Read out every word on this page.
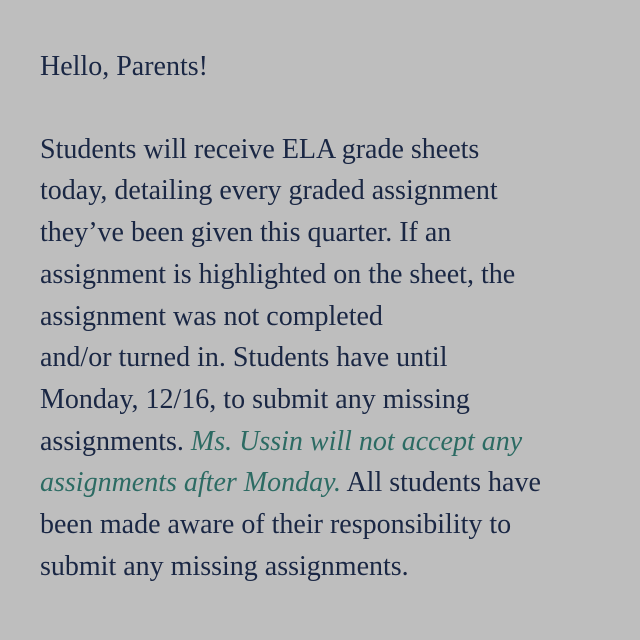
Hello, Parents!
Students will receive ELA grade sheets
today, detailing every graded assignment
they’ve been given this quarter. If an
assignment is highlighted on the sheet, the
assignment was not completed
and/or turned in. Students have until
Monday, 12/16, to submit any missing
assignments. Ms. Ussin will not accept any
assignments after Monday. All students have
been made aware of their responsibility to
submit any missing assignments.
